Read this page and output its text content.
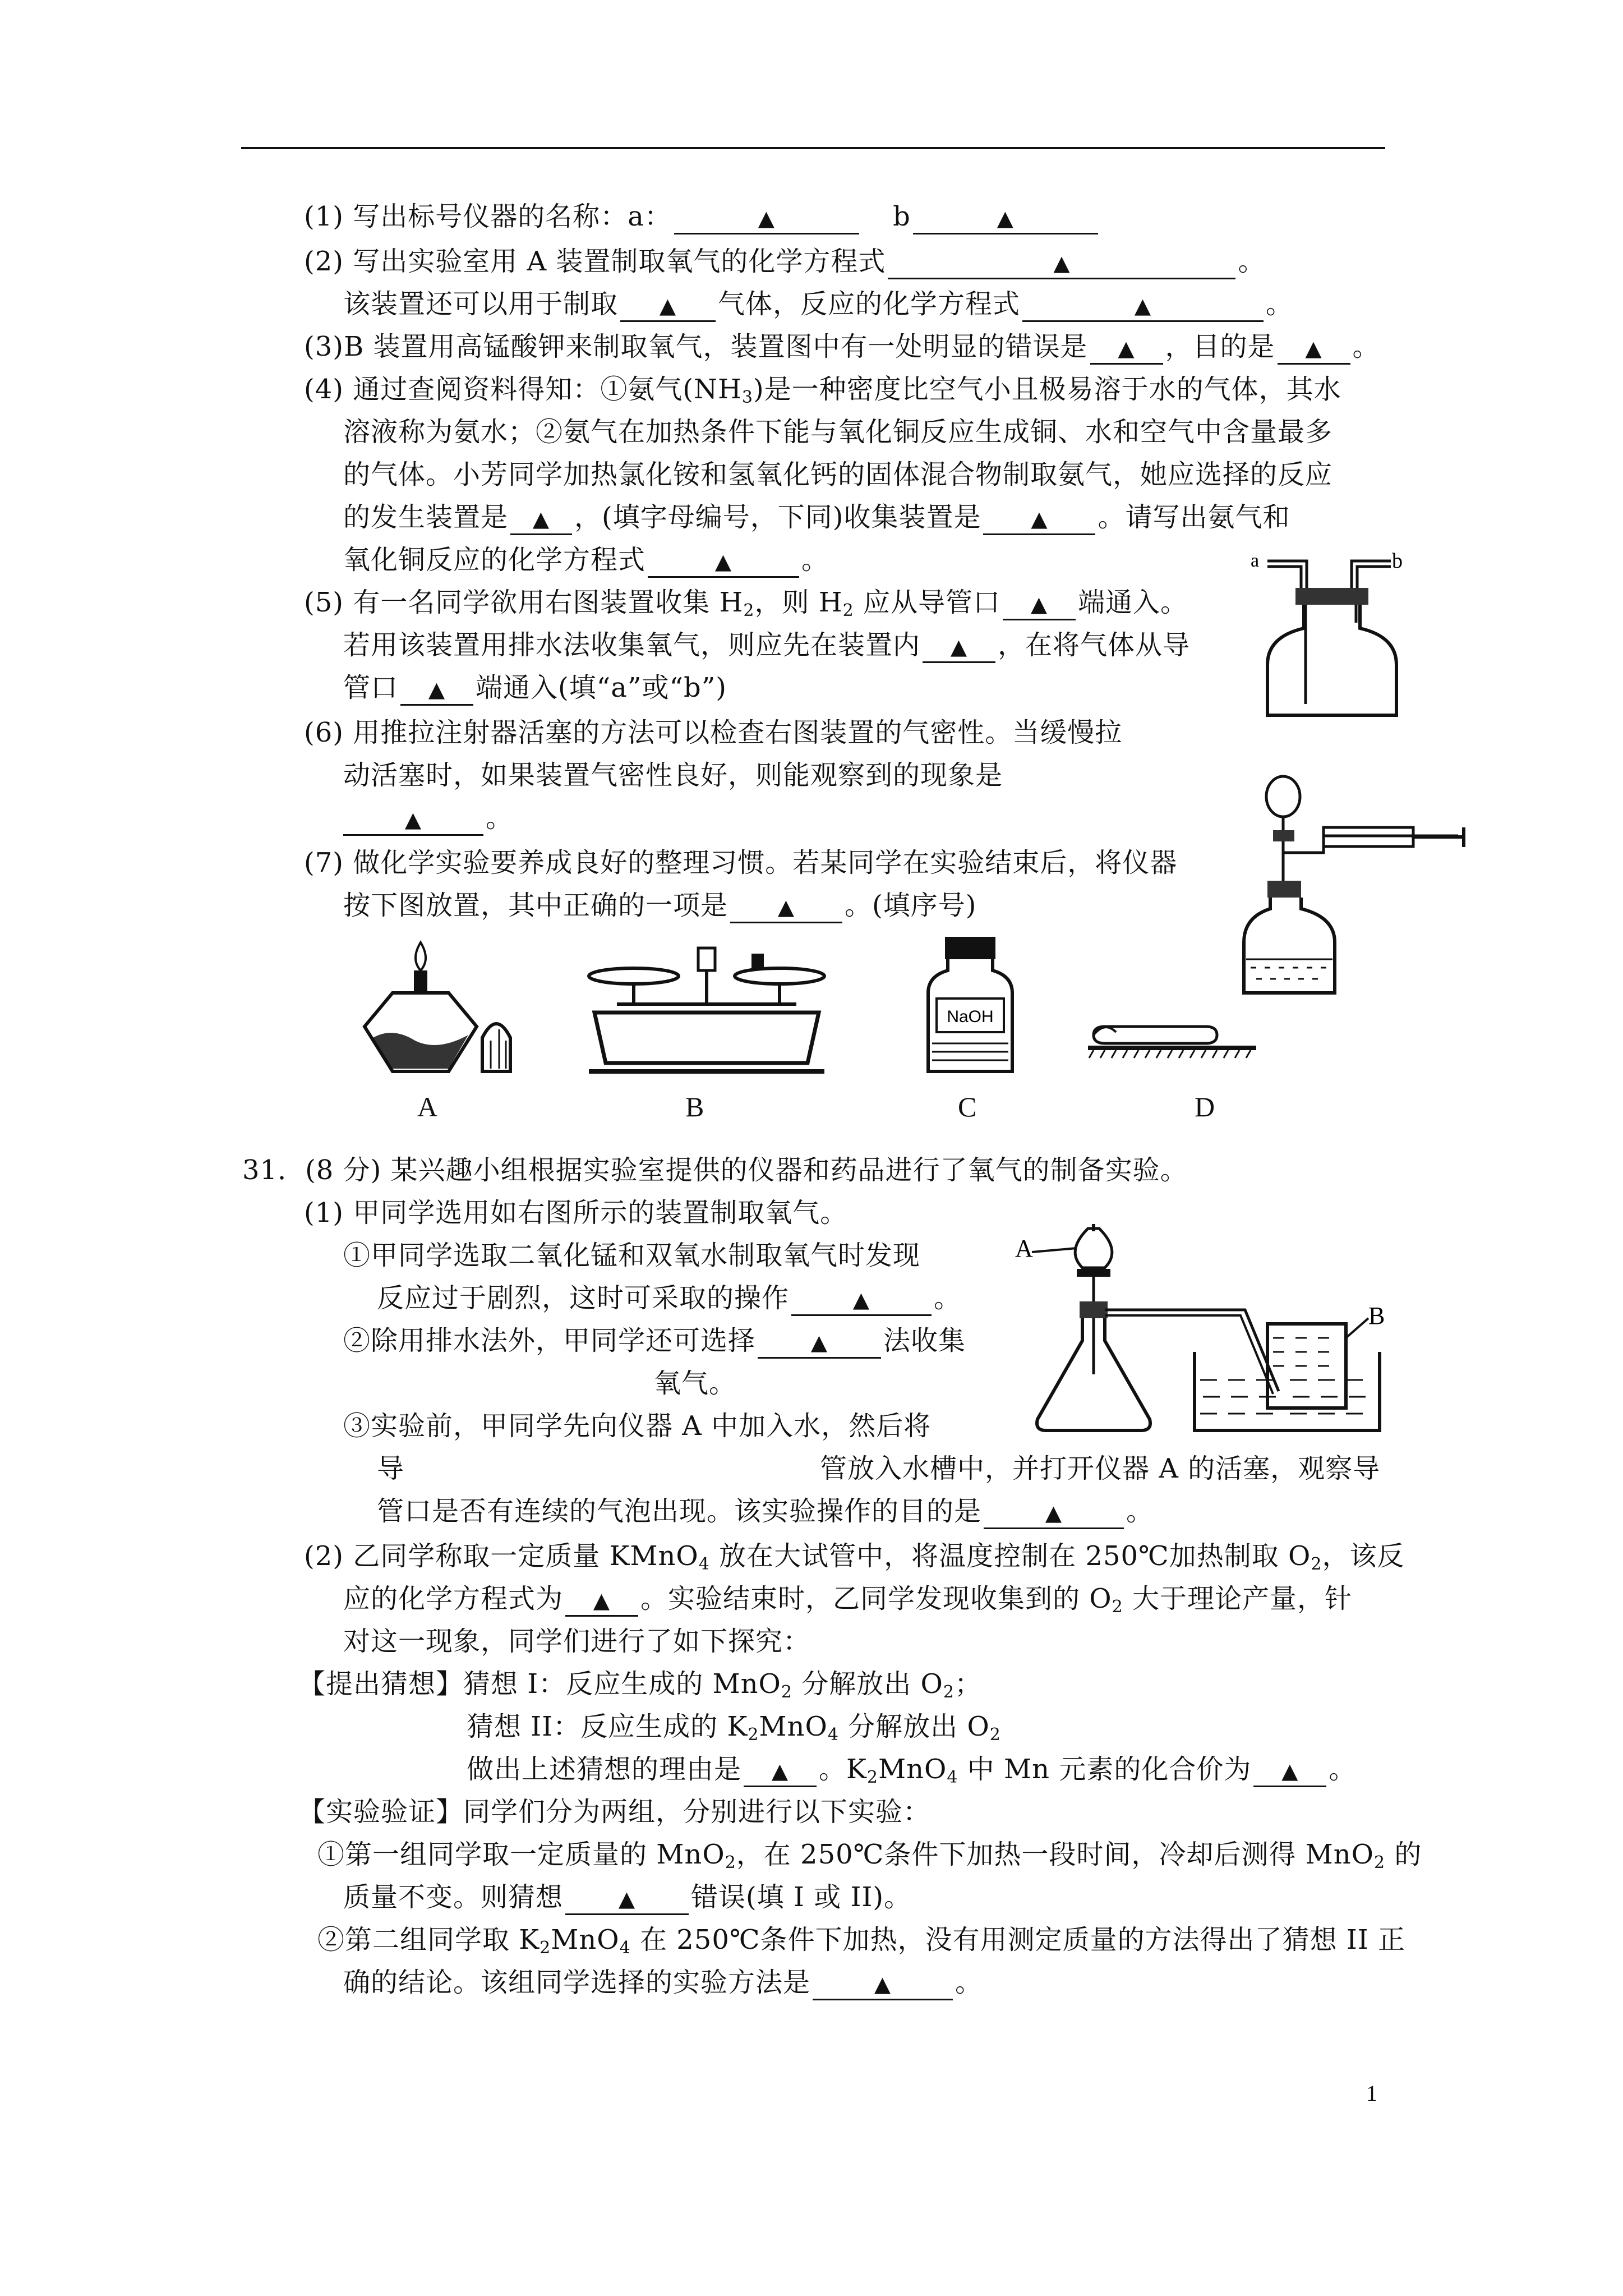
(1) 写出标号仪器的名称：a：	▲	b	▲
(2) 写出实验室用 A 装置制取氧气的化学方程式	▲	。
该装置还可以用于制取 ▲ 气体，反应的化学方程式	▲	。
(3)B 装置用高锰酸钾来制取氧气，装置图中有一处明显的错误是 ▲ ，目的是 ▲ 。
(4) 通过查阅资料得知：①氨气$(NH_3)$是一种密度比空气小且极易溶于水的气体，其水
溶液称为氨水；②氨气在加热条件下能与氧化铜反应生成铜、水和空气中含量最多
的气体。小芳同学加热氯化铵和氢氧化钙的固体混合物制取氨气，她应选择的反应
的发生装置是 ▲ ，(填字母编号，下同)收集装置是 ▲ 。请写出氨气和
氧化铜反应的化学方程式	▲	。
(5) 有一名同学欲用右图装置收集 $H_2$，则 $H_2$ 应从导管口 ▲ 端通入。
若用该装置用排水法收集氧气，则应先在装置内 ▲ ，在将气体从导
管口 ▲ 端通入(填“a”或“b”)
(6) 用推拉注射器活塞的方法可以检查右图装置的气密性。当缓慢拉
动活塞时，如果装置气密性良好，则能观察到的现象是
▲ 。
(7) 做化学实验要养成良好的整理习惯。若某同学在实验结束后，将仪器
按下图放置，其中正确的一项是 ▲ 。(填序号)
a	b
NaOH
A	B	C	D
31．(8 分) 某兴趣小组根据实验室提供的仪器和药品进行了氧气的制备实验。
(1) 甲同学选用如右图所示的装置制取氧气。
①甲同学选取二氧化锰和双氧水制取氧气时发现
反应过于剧烈，这时可采取的操作	▲ 。
②除用排水法外，甲同学还可选择	▲ 法收集
氧气。
③实验前，甲同学先向仪器 A 中加入水，然后将
导	管放入水槽中，并打开仪器 A 的活塞，观察导
管口是否有连续的气泡出现。该实验操作的目的是	▲ 。
A
B
(2) 乙同学称取一定质量 KMnO$_4$ 放在大试管中，将温度控制在 250℃加热制取 $O_2$，该反
应的化学方程式为 ▲ 。实验结束时，乙同学发现收集到的 $O_2$ 大于理论产量，针
对这一现象，同学们进行了如下探究：
【提出猜想】猜想 I：反应生成的 MnO$_2$ 分解放出 $O_2$；
猜想 II：反应生成的 $K_2MnO_4$ 分解放出 $O_2$
做出上述猜想的理由是 ▲ 。$K_2MnO_4$ 中 Mn 元素的化合价为 ▲ 。
【实验验证】同学们分为两组，分别进行以下实验：
①第一组同学取一定质量的 MnO$_2$，在 250℃条件下加热一段时间，冷却后测得 MnO$_2$ 的
质量不变。则猜想	▲ 错误(填 I 或 II)。
②第二组同学取 $K_2MnO_4$ 在 250℃条件下加热，没有用测定质量的方法得出了猜想 II 正
确的结论。该组同学选择的实验方法是	▲ 。
1
